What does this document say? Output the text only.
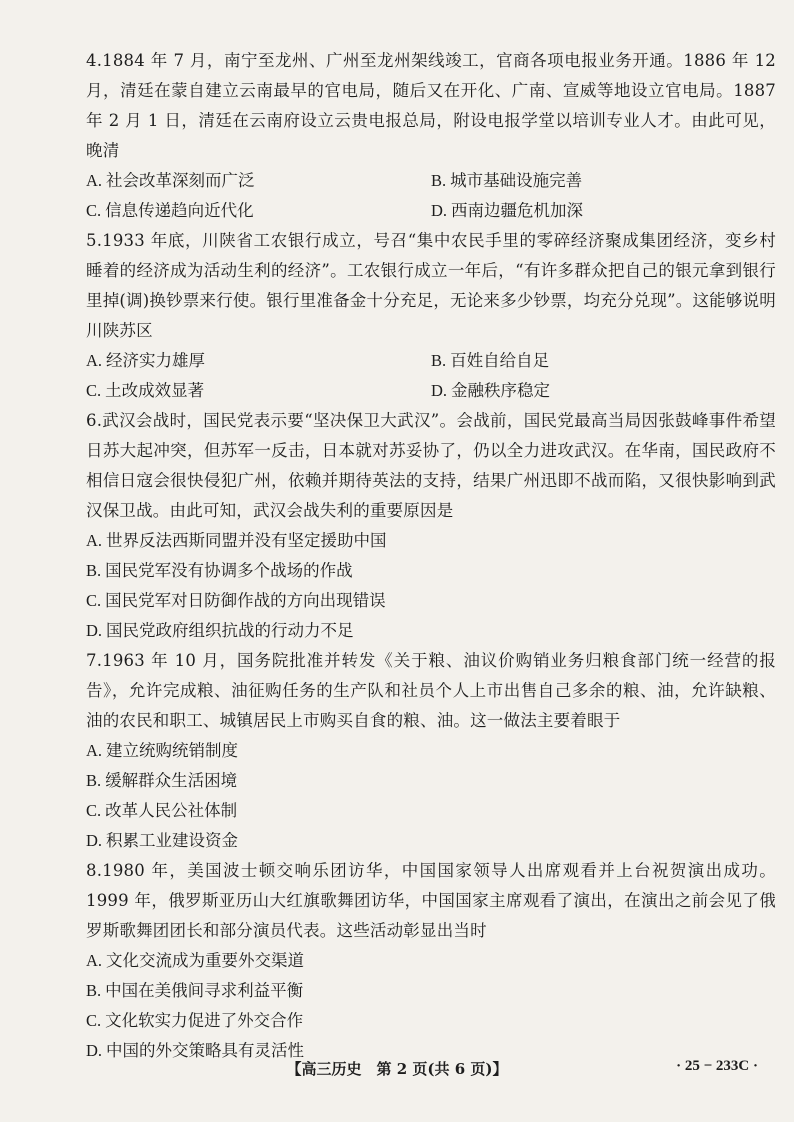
4.1884 年 7 月，南宁至龙州、广州至龙州架线竣工，官商各项电报业务开通。1886 年 12 月，清廷在蒙自建立云南最早的官电局，随后又在开化、广南、宣威等地设立官电局。1887 年 2 月 1 日，清廷在云南府设立云贵电报总局，附设电报学堂以培训专业人才。由此可见，晚清

A. 社会改革深刻而广泛	B. 城市基础设施完善
C. 信息传递趋向近代化	D. 西南边疆危机加深

5.1933 年底，川陕省工农银行成立，号召“集中农民手里的零碎经济聚成集团经济，变乡村睡着的经济成为活动生利的经济”。工农银行成立一年后，“有许多群众把自己的银元拿到银行里掉(调)换钞票来行使。银行里准备金十分充足，无论来多少钞票，均充分兑现”。这能够说明川陕苏区

A. 经济实力雄厚	B. 百姓自给自足
C. 土改成效显著	D. 金融秩序稳定

6.武汉会战时，国民党表示要“坚决保卫大武汉”。会战前，国民党最高当局因张鼓峰事件希望日苏大起冲突，但苏军一反击，日本就对苏妥协了，仍以全力进攻武汉。在华南，国民政府不相信日寇会很快侵犯广州，依赖并期待英法的支持，结果广州迅即不战而陷，又很快影响到武汉保卫战。由此可知，武汉会战失利的重要原因是

A. 世界反法西斯同盟并没有坚定援助中国
B. 国民党军没有协调多个战场的作战
C. 国民党军对日防御作战的方向出现错误
D. 国民党政府组织抗战的行动力不足

7.1963 年 10 月，国务院批准并转发《关于粮、油议价购销业务归粮食部门统一经营的报告》，允许完成粮、油征购任务的生产队和社员个人上市出售自己多余的粮、油，允许缺粮、油的农民和职工、城镇居民上市购买自食的粮、油。这一做法主要着眼于

A. 建立统购统销制度
B. 缓解群众生活困境
C. 改革人民公社体制
D. 积累工业建设资金

8.1980 年，美国波士顿交响乐团访华，中国国家领导人出席观看并上台祝贺演出成功。1999 年，俄罗斯亚历山大红旗歌舞团访华，中国国家主席观看了演出，在演出之前会见了俄罗斯歌舞团团长和部分演员代表。这些活动彰显出当时

A. 文化交流成为重要外交渠道
B. 中国在美俄间寻求利益平衡
C. 文化软实力促进了外交合作
D. 中国的外交策略具有灵活性
【高三历史　第 2 页(共 6 页)】	· 25 − 233C ·
